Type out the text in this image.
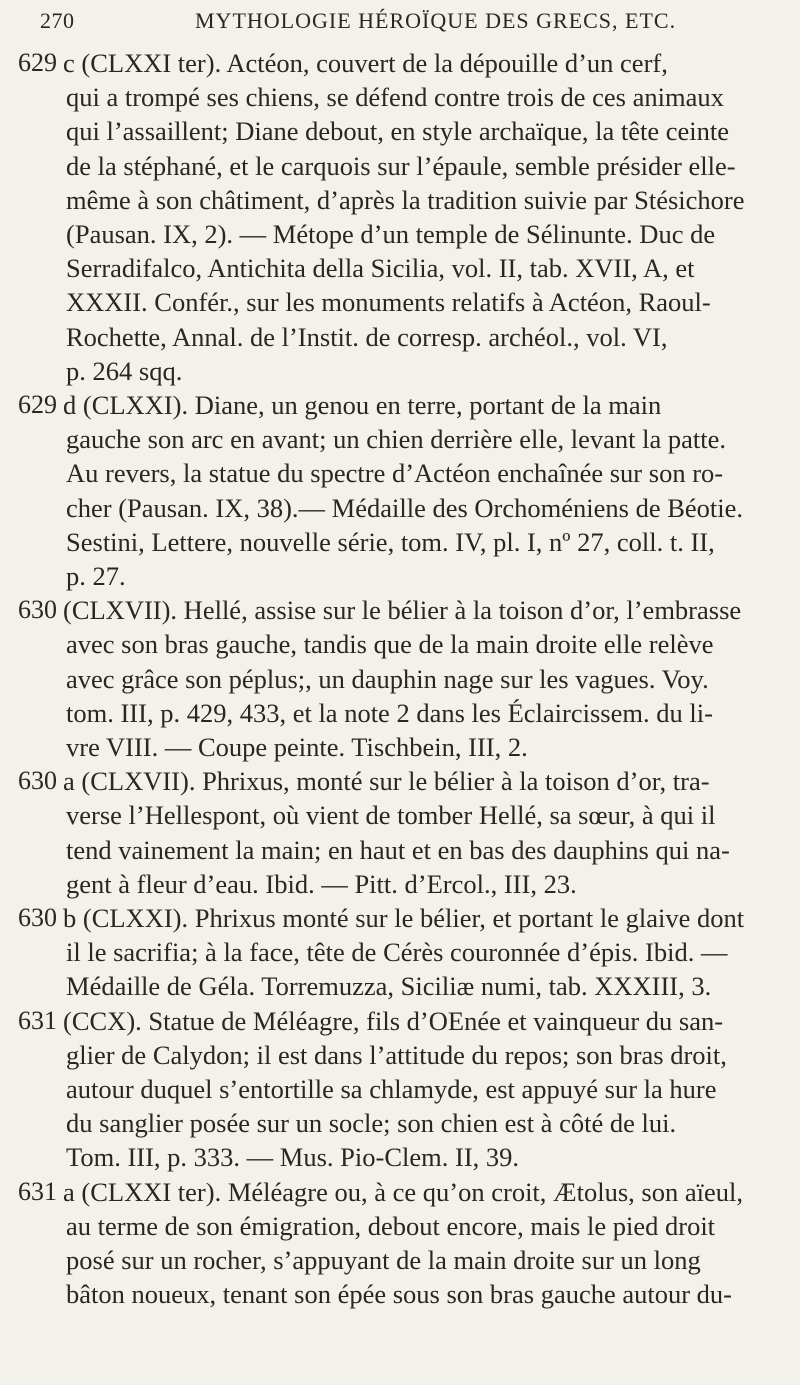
270	MYTHOLOGIE HÉROÏQUE DES GRECS, ETC.
629 c (CLXXI ter). Actéon, couvert de la dépouille d’un cerf,
qui a trompé ses chiens, se défend contre trois de ces animaux
qui l’assaillent; Diane debout, en style archaïque, la tête ceinte
de la stéphané, et le carquois sur l’épaule, semble présider elle-
même à son châtiment, d’après la tradition suivie par Stésichore
(Pausan. IX, 2). — Métope d’un temple de Sélinunte. Duc de
Serradifalco, Antichita della Sicilia, vol. II, tab. XVII, A, et
XXXII. Confér., sur les monuments relatifs à Actéon, Raoul-
Rochette, Annal. de l’Instit. de corresp. archéol., vol. VI,
p. 264 sqq.
629 d (CLXXI). Diane, un genou en terre, portant de la main
gauche son arc en avant; un chien derrière elle, levant la patte.
Au revers, la statue du spectre d’Actéon enchaînée sur son ro-
cher (Pausan. IX, 38).— Médaille des Orchoméniens de Béotie.
Sestini, Lettere, nouvelle série, tom. IV, pl. I, nº 27, coll. t. II,
p. 27.
630 (CLXVII). Hellé, assise sur le bélier à la toison d’or, l’embrasse
avec son bras gauche, tandis que de la main droite elle relève
avec grâce son péplus;, un dauphin nage sur les vagues. Voy.
tom. III, p. 429, 433, et la note 2 dans les Éclaircissem. du li-
vre VIII. — Coupe peinte. Tischbein, III, 2.
630 a (CLXVII). Phrixus, monté sur le bélier à la toison d’or, tra-
verse l’Hellespont, où vient de tomber Hellé, sa sœur, à qui il
tend vainement la main; en haut et en bas des dauphins qui na-
gent à fleur d’eau. Ibid. — Pitt. d’Ercol., III, 23.
630 b (CLXXI). Phrixus monté sur le bélier, et portant le glaive dont
il le sacrifia; à la face, tête de Cérès couronnée d’épis. Ibid. —
Médaille de Géla. Torremuzza, Siciliæ numi, tab. XXXIII, 3.
631 (CCX). Statue de Méléagre, fils d’OEnée et vainqueur du san-
glier de Calydon; il est dans l’attitude du repos; son bras droit,
autour duquel s’entortille sa chlamyde, est appuyé sur la hure
du sanglier posée sur un socle; son chien est à côté de lui.
Tom. III, p. 333. — Mus. Pio-Clem. II, 39.
631 a (CLXXI ter). Méléagre ou, à ce qu’on croit, Ætolus, son aïeul,
au terme de son émigration, debout encore, mais le pied droit
posé sur un rocher, s’appuyant de la main droite sur un long
bâton noueux, tenant son épée sous son bras gauche autour du-
